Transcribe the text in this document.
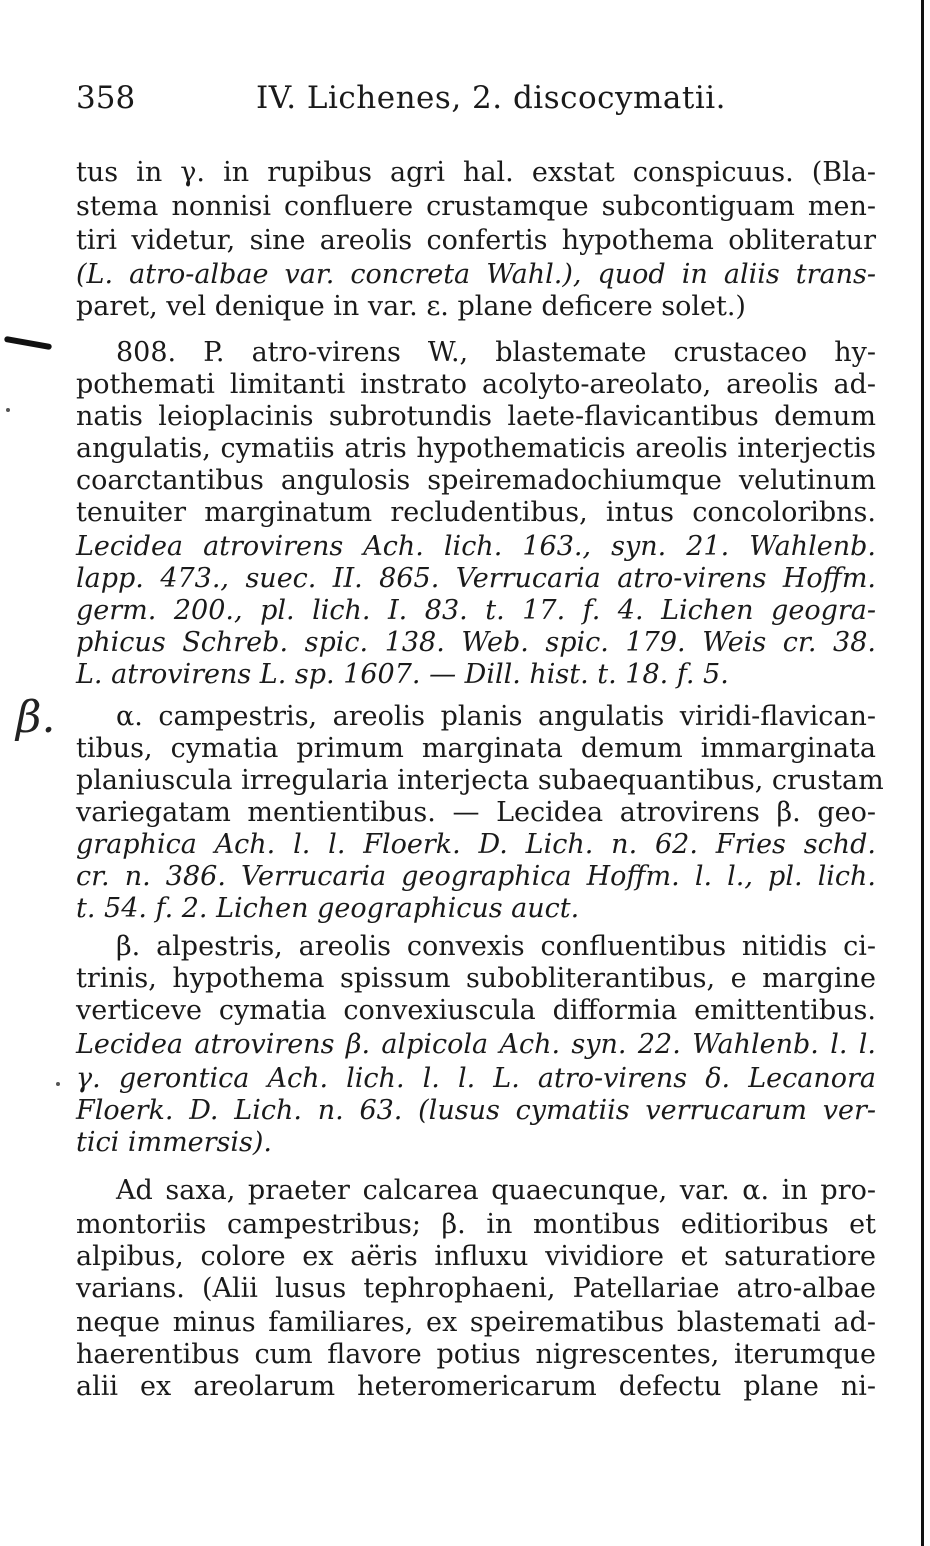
358	IV. Lichenes, 2. discocymatii.
β.
tus in γ. in rupibus agri hal. exstat conspicuus. (Bla-
stema nonnisi confluere crustamque subcontiguam men-
tiri videtur, sine areolis confertis hypothema obliteratur
(L. atro-albae var. concreta Wahl.), quod in aliis trans-
paret, vel denique in var. ε. plane deficere solet.)
808. P. atro-virens W., blastemate crustaceo hy-
pothemati limitanti instrato acolyto-areolato, areolis ad-
natis leioplacinis subrotundis laete-flavicantibus demum
angulatis, cymatiis atris hypothematicis areolis interjectis
coarctantibus angulosis speiremadochiumque velutinum
tenuiter marginatum recludentibus, intus concoloribns.
Lecidea atrovirens Ach. lich. 163., syn. 21. Wahlenb.
lapp. 473., suec. II. 865. Verrucaria atro-virens Hoffm.
germ. 200., pl. lich. I. 83. t. 17. f. 4. Lichen geogra-
phicus Schreb. spic. 138. Web. spic. 179. Weis cr. 38.
L. atrovirens L. sp. 1607. — Dill. hist. t. 18. f. 5.
α. campestris, areolis planis angulatis viridi-flavican-
tibus, cymatia primum marginata demum immarginata
planiuscula irregularia interjecta subaequantibus, crustam
variegatam mentientibus. — Lecidea atrovirens β. geo-
graphica Ach. l. l. Floerk. D. Lich. n. 62. Fries schd.
cr. n. 386. Verrucaria geographica Hoffm. l. l., pl. lich.
t. 54. f. 2. Lichen geographicus auct.
β. alpestris, areolis convexis confluentibus nitidis ci-
trinis, hypothema spissum subobliterantibus, e margine
verticeve cymatia convexiuscula difformia emittentibus.
Lecidea atrovirens β. alpicola Ach. syn. 22. Wahlenb. l. l.
γ. gerontica Ach. lich. l. l. L. atro-virens δ. Lecanora
Floerk. D. Lich. n. 63. (lusus cymatiis verrucarum ver-
tici immersis).
Ad saxa, praeter calcarea quaecunque, var. α. in pro-
montoriis campestribus; β. in montibus editioribus et
alpibus, colore ex aëris influxu vividiore et saturatiore
varians. (Alii lusus tephrophaeni, Patellariae atro-albae
neque minus familiares, ex speirematibus blastemati ad-
haerentibus cum flavore potius nigrescentes, iterumque
alii ex areolarum heteromericarum defectu plane ni-
